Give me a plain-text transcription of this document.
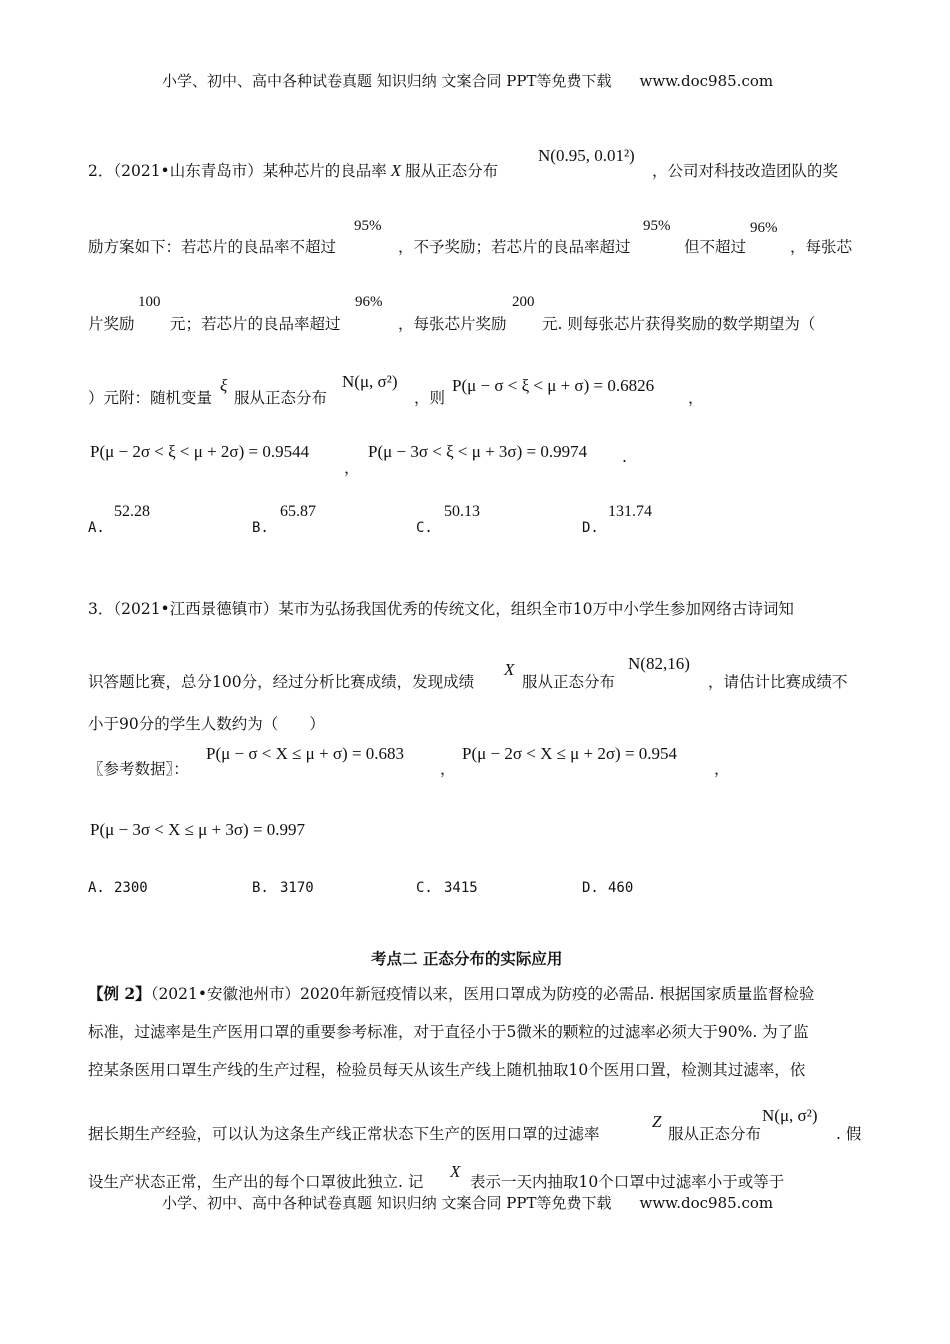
小学、初中、高中各种试卷真题 知识归纳 文案合同 PPT等免费下载 www.doc985.com
2．（2021•山东青岛市）某种芯片的良品率 X 服从正态分布
N(0.95, 0.01²)
，公司对科技改造团队的奖
励方案如下：若芯片的良品率不超过
95%
，不予奖励；若芯片的良品率超过
95%
但不超过
96%
，每张芯
片奖励
100
元；若芯片的良品率超过
96%
，每张芯片奖励
200
元. 则每张芯片获得奖励的数学期望为（
）元附：随机变量
ξ
服从正态分布
N(μ, σ²)
，则
P(μ − σ < ξ < μ + σ) = 0.6826
，
P(μ − 2σ < ξ < μ + 2σ) = 0.9544
，
P(μ − 3σ < ξ < μ + 3σ) = 0.9974 .
A.
52.28
B.
65.87
C.
50.13
D.
131.74
3．（2021•江西景德镇市）某市为弘扬我国优秀的传统文化，组织全市10万中小学生参加网络古诗词知
识答题比赛，总分100分，经过分析比赛成绩，发现成绩
X
服从正态分布
N(82,16)
，请估计比赛成绩不
小于90分的学生人数约为（　　）
〖参考数据〗：
P(μ − σ < X ≤ μ + σ) = 0.683
，
P(μ − 2σ < X ≤ μ + 2σ) = 0.954
，
P(μ − 3σ < X ≤ μ + 3σ) = 0.997
A. 2300	B. 3170	C. 3415	D. 460
考点二 正态分布的实际应用
【例 2】（2021•安徽池州市）2020年新冠疫情以来，医用口罩成为防疫的必需品. 根据国家质量监督检验
标准，过滤率是生产医用口罩的重要参考标准，对于直径小于5微米的颗粒的过滤率必须大于90%. 为了监
控某条医用口罩生产线的生产过程，检验员每天从该生产线上随机抽取10个医用口置，检测其过滤率，依
据长期生产经验，可以认为这条生产线正常状态下生产的医用口罩的过滤率
Z
服从正态分布
N(μ, σ²)
. 假
设生产状态正常，生产出的每个口罩彼此独立. 记
X
表示一天内抽取10个口罩中过滤率小于或等于
小学、初中、高中各种试卷真题 知识归纳 文案合同 PPT等免费下载 www.doc985.com
